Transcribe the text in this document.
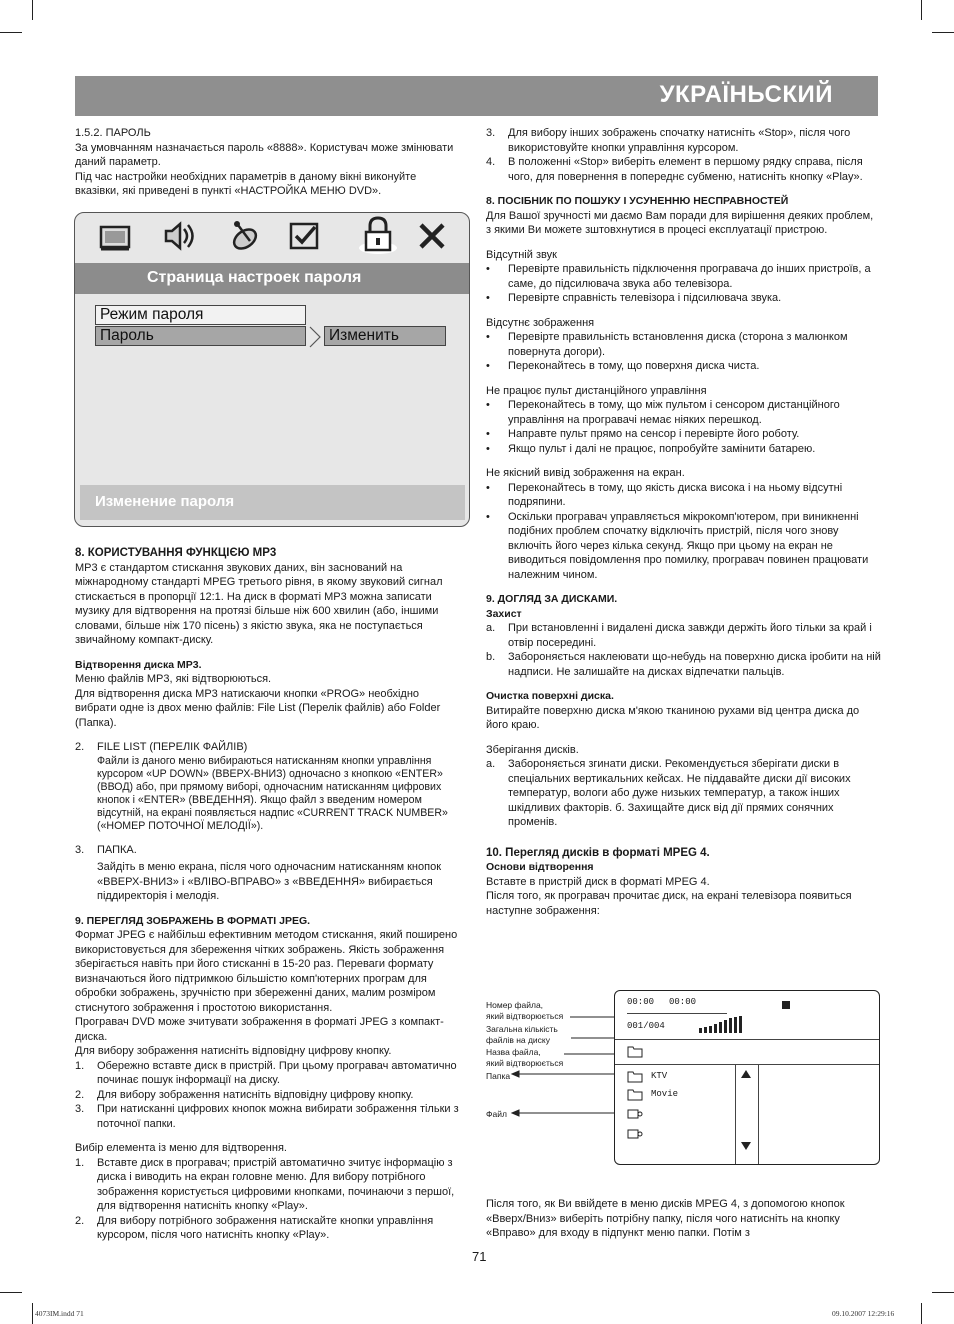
УКРАЇНЬСКИЙ

1.5.2. ПАРОЛЬ

За умовчанням назначається пароль «8888». Користувач може змінювати даний параметр.

Під час настройки необхідних параметрів в даному вікні виконуйте вказівки, які приведені в пункті «НАСТРОЙКА МЕНЮ DVD».

Страница настроек пароля
Режим пароля
Пароль	Изменить
Изменение пароля

8. КОРИСТУВАННЯ ФУНКЦІЄЮ MP3

MP3 є стандартом стискання звукових даних, він заснований на міжнародному стандарті MPEG третього рівня, в якому звуковий сигнал стискається в пропорції 12:1. На диск в форматі MP3 можна записати музику для відтворення на протязі більше ніж 600 хвилин (або, іншими словами, більше ніж 170 пісень) з якістю звука, яка не поступається звичайному компакт-диску.

Відтворення диска MP3.

Меню файлів MP3, які відтворюються.

Для відтворення диска MP3 натискаючи кнопки «PROG» необхідно вибрати одне із двох меню файлів: File List (Перелік файлів) або Folder (Папка).

2.	FILE LIST (ПЕРЕЛІК ФАЙЛІВ)

Файли із даного меню вибираються натисканням кнопки управління курсором «UP DOWN» (ВВЕРХ-ВНИЗ) одночасно з кнопкою «ENTER» (ВВОД) або, при прямому виборі, одночасним натисканням цифрових кнопок і «ENTER» (ВВЕДЕННЯ). Якщо файл з введеним номером відсутній, на екрані появляється надпис «CURRENT TRACK NUMBER» («НОМЕР ПОТОЧНОЇ МЕЛОДІЇ»).
3.	ПАПКА.

Зайдіть в меню екрана, після чого одночасним натисканням кнопок «ВВЕРХ-ВНИЗ» і «ВЛІВО-ВПРАВО» з «ВВЕДЕННЯ» вибирається піддиректорія і мелодія.

9. ПЕРЕГЛЯД ЗОБРАЖЕНЬ В ФОРМАТІ JPEG.

Формат JPEG є найбільш ефективним методом стискання, який поширено використовується для збереження чітких зображень. Якість зображення зберігається навіть при його стисканні в 15-20 раз. Переваги формату визначаються його підтримкою більшістю комп'ютерних програм для обробки зображень, зручністю при збереженні даних, малим розміром стиснутого зображення і простотою використання.

Програвач DVD може зчитувати зображення в форматі JPEG з компакт-диска.

Для вибору зображення натисніть відповідну цифрову кнопку.

1.	Обережно вставте диск в пристрій. При цьому програвач автоматично починає пошук інформації на диску.
2.	Для вибору зображення натисніть відповідну цифрову кнопку.
3.	При натисканні цифрових кнопок можна вибирати зображення тільки з поточної папки.

Вибір елемента із меню для відтворення.

1.	Вставте диск в програвач; пристрій автоматично зчитує інформацію з диска і виводить на екран головне меню. Для вибору потрібного зображення користується цифровими кнопками, починаючи з першої, для відтворення натисніть кнопку «Play».
2.	Для вибору потрібного зображення натискайте кнопки управління курсором, після чого натисніть кнопку «Play».
3.	Для вибору інших зображень спочатку натисніть «Stop», після чого використовуйте кнопки управління курсором.
4.	В положенні «Stop» виберіть елемент в першому рядку справа, після чого, для повернення в попереднє субменю, натисніть кнопку «Play».

8. ПОСІБНИК ПО ПОШУКУ І УСУНЕННЮ НЕСПРАВНОСТЕЙ

Для Вашої зручності ми даємо Вам поради для вирішення деяких проблем, з якими Ви можете зштовхнутися в процесі експлуатації пристрою.

Відсутній звук

•	Перевірте правильність підключення програвача до інших пристроїв, а саме, до підсилювача звука або телевізора.
•	Перевірте справність телевізора і підсилювача звука.

Відсутнє зображення

•	Перевірте правильність встановлення диска (сторона з малюнком повернута догори).
•	Переконайтесь в тому, що поверхня диска чиста.

Не працює пульт дистанційного управління

•	Переконайтесь в тому, що між пультом і сенсором дистанційного управління на програвачі немає ніяких перешкод.
•	Направте пульт прямо на сенсор і перевірте його роботу.
•	Якщо пульт і далі не працює, попробуйте замінити батарею.

Не якісний вивід зображення на екран.

•	Переконайтесь в тому, що якість диска висока і на ньому відсутні подряпини.
•	Оскільки програвач управляється мікрокомп'ютером, при виникненні подібних проблем спочатку відключіть пристрій, після чого знову включіть його через кілька секунд. Якщо при цьому на екран не виводиться повідомлення про помилку, програвач повинен працювати належним чином.

9. ДОГЛЯД ЗА ДИСКАМИ.

Захист

a.	При встановленні і видалені диска завжди держіть його тільки за край і отвір посередині.
b.	Забороняється наклеювати що-небудь на поверхню диска іробити на ній надписи. Не залишайте на дисках відпечатки пальців.

Очистка поверхні диска.

Витирайте поверхню диска м'якою тканиною рухами від центра диска до його краю.

Зберігання дисків.

a.	Забороняється згинати диски. Рекомендується зберігати диски в спеціальних вертикальних кейсах. Не піддавайте диски дії високих температур, вологи або дуже низьких температур, а також інших шкідливих факторів. б. Захищайте диск від дії прямих сонячних променів.

10. Перегляд дисків в форматі MPEG 4.

Основи відтворення

Вставте в пристрій диск в форматі MPEG 4.

Після того, як програвач прочитає диск, на екрані телевізора появиться наступне зображення:

Номер файла,
який відтворюється
Загальна кількість
файлів на диску
Назва файла,
який відтворюється
Папка
Файл
00:00 00:00
001/004
KTV
Movie

Після того, як Ви ввійдете в меню дисків MPEG 4, з допомогою кнопок «Вверх/Вниз» виберіть потрібну папку, після чого натисніть на кнопку «Вправо» для входу в підпункт меню папки. Потім з

71
4073IM.indd 71	09.10.2007 12:29:16
